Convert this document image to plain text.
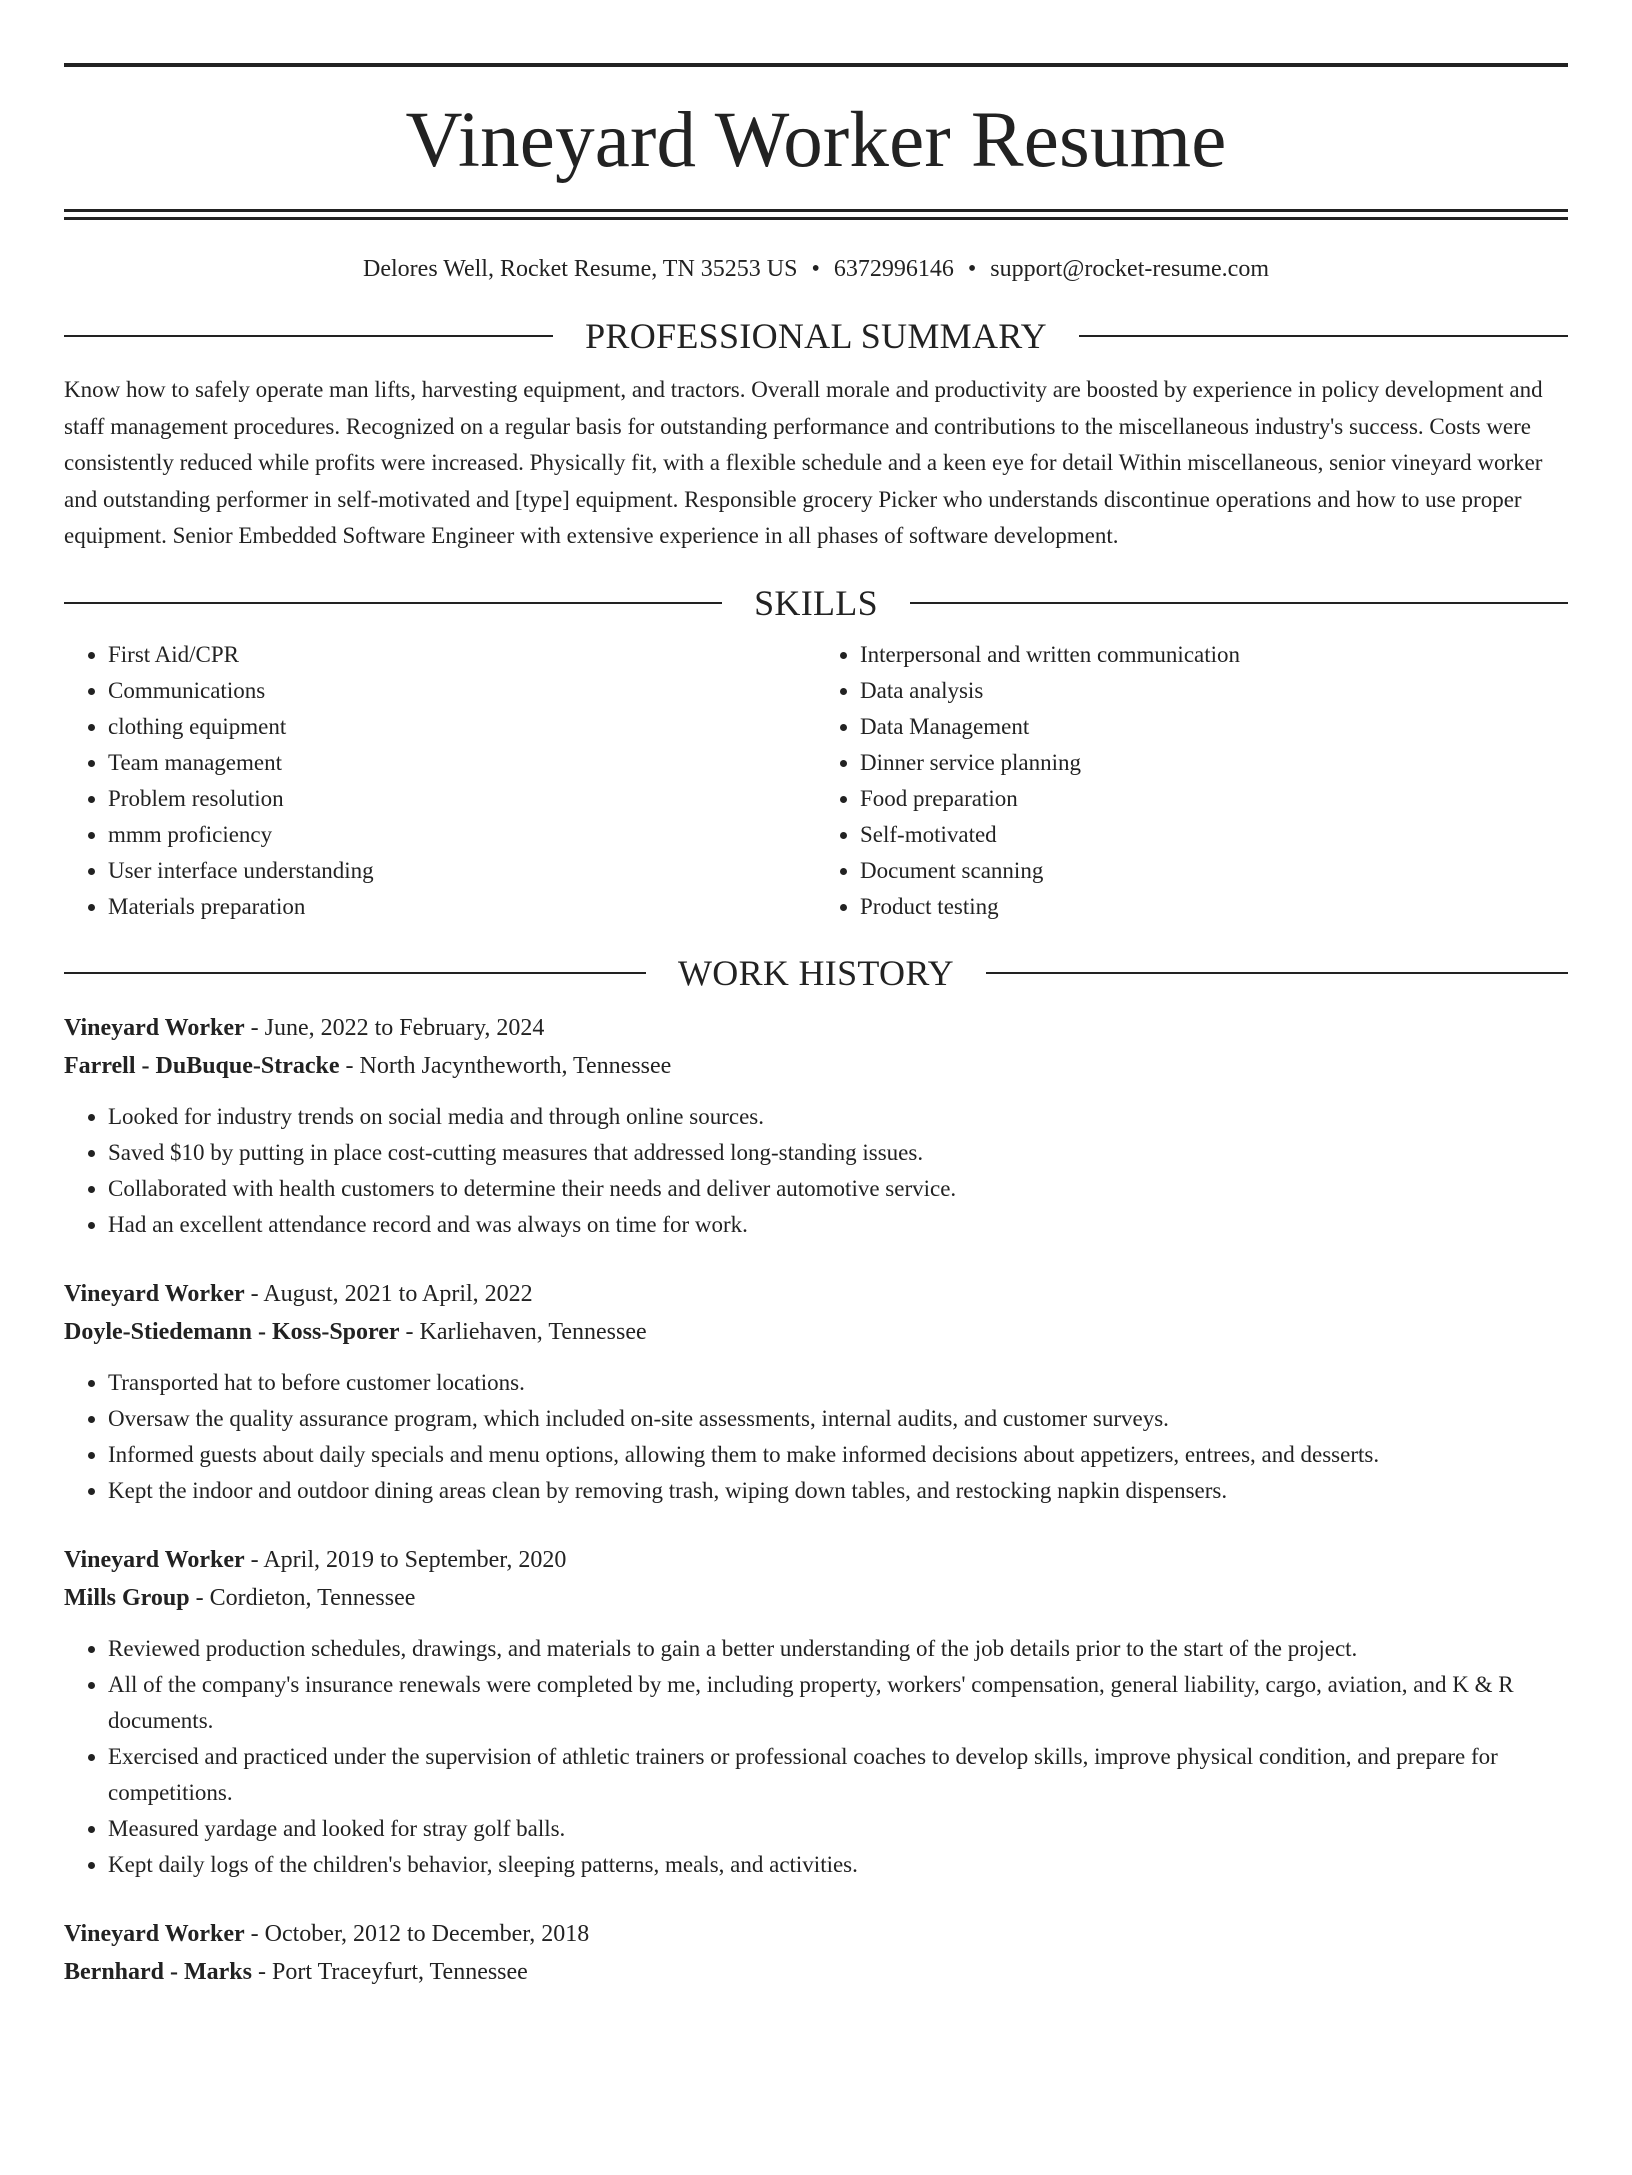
Vineyard Worker Resume
Delores Well, Rocket Resume, TN 35253 US • 6372996146 • support@rocket-resume.com
PROFESSIONAL SUMMARY

Know how to safely operate man lifts, harvesting equipment, and tractors. Overall morale and productivity are boosted by experience in policy development and staff management procedures. Recognized on a regular basis for outstanding performance and contributions to the miscellaneous industry's success. Costs were consistently reduced while profits were increased. Physically fit, with a flexible schedule and a keen eye for detail Within miscellaneous, senior vineyard worker and outstanding performer in self-motivated and [type] equipment. Responsible grocery Picker who understands discontinue operations and how to use proper equipment. Senior Embedded Software Engineer with extensive experience in all phases of software development.

SKILLS
• First Aid/CPR
• Communications
• clothing equipment
• Team management
• Problem resolution
• mmm proficiency
• User interface understanding
• Materials preparation
• Interpersonal and written communication
• Data analysis
• Data Management
• Dinner service planning
• Food preparation
• Self-motivated
• Document scanning
• Product testing
WORK HISTORY
Vineyard Worker - June, 2022 to February, 2024
Farrell - DuBuque-Stracke - North Jacyntheworth, Tennessee
• Looked for industry trends on social media and through online sources.
• Saved $10 by putting in place cost-cutting measures that addressed long-standing issues.
• Collaborated with health customers to determine their needs and deliver automotive service.
• Had an excellent attendance record and was always on time for work.
Vineyard Worker - August, 2021 to April, 2022
Doyle-Stiedemann - Koss-Sporer - Karliehaven, Tennessee
• Transported hat to before customer locations.
• Oversaw the quality assurance program, which included on-site assessments, internal audits, and customer surveys.
• Informed guests about daily specials and menu options, allowing them to make informed decisions about appetizers, entrees, and desserts.
• Kept the indoor and outdoor dining areas clean by removing trash, wiping down tables, and restocking napkin dispensers.
Vineyard Worker - April, 2019 to September, 2020
Mills Group - Cordieton, Tennessee
• Reviewed production schedules, drawings, and materials to gain a better understanding of the job details prior to the start of the project.
• All of the company's insurance renewals were completed by me, including property, workers' compensation, general liability, cargo, aviation, and K & R documents.
• Exercised and practiced under the supervision of athletic trainers or professional coaches to develop skills, improve physical condition, and prepare for competitions.
• Measured yardage and looked for stray golf balls.
• Kept daily logs of the children's behavior, sleeping patterns, meals, and activities.
Vineyard Worker - October, 2012 to December, 2018
Bernhard - Marks - Port Traceyfurt, Tennessee
